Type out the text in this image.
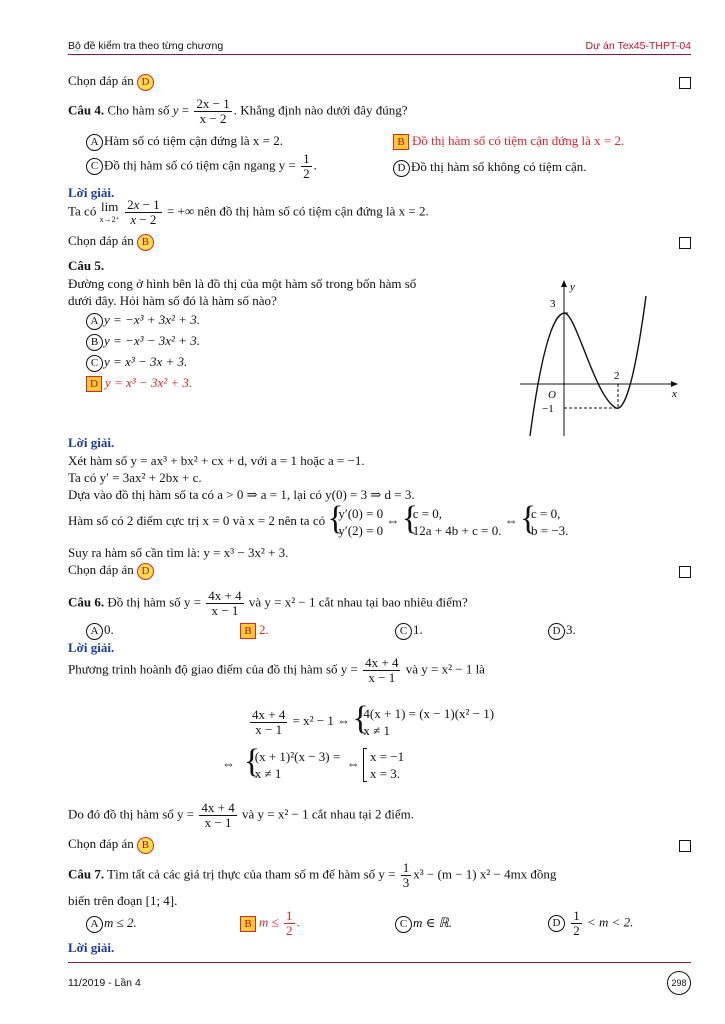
Bộ đề kiểm tra theo từng chương	Dự án Tex45-THPT-04
Chọn đáp án D
Câu 4. Cho hàm số $y = \frac{2x - 1}{x - 2}$ . Khẳng định nào dưới đây đúng?
A Hàm số có tiệm cận đứng là x = 2.	B Đồ thị hàm số có tiệm cận đứng là x = 2.
C Đồ thị hàm số có tiệm cận ngang $y = \frac{1}{2}$ .	D Đồ thị hàm số không có tiệm cận.
Lời giải.
Ta có lim
x→2⁺
$\frac{2x - 1}{x - 2}$ = +∞ nên đồ thị hàm số có tiệm cận đứng là x = 2.
Chọn đáp án B
Câu 5.
Đường cong ở hình bên là đồ thị của một hàm số trong bốn hàm số
dưới đây. Hỏi hàm số đó là hàm số nào?
A y = −x³ + 3x² + 3.
B y = −x³ − 3x² + 3.
C y = x³ − 3x + 3.
D y = x³ − 3x² + 3.
y
x
O
3
2
−1
Lời giải.
Xét hàm số y = ax³ + bx² + cx + d, với a = 1 hoặc a = −1.
Ta có y′ = 3ax² + 2bx + c.
Dựa vào đồ thị hàm số ta có a > 0 ⇒ a = 1, lại có y(0) = 3 ⇒ d = 3.
Hàm số có 2 điểm cực trị x = 0 và x = 2 nên ta có { y′(0) = 0
y′(2) = 0
⇔ { c = 0,
12a + 4b + c = 0.
⇔ { c = 0,
b = −3.
Suy ra hàm số cần tìm là: y = x³ − 3x² + 3.
Chọn đáp án D
Câu 6. Đồ thị hàm số $y = \frac{4x + 4}{x - 1}$ và y = x² − 1 cắt nhau tại bao nhiêu điểm?
A 0.	B 2.	C 1.	D 3.
Lời giải.
Phương trình hoành độ giao điểm của đồ thị hàm số $y = \frac{4x + 4}{x - 1}$ và y = x² − 1 là
$\frac{4x + 4}{x - 1} = x^2 - 1$ ⇔ { 4(x + 1) = (x − 1)(x² − 1)
x ≠ 1
⇔ { (x + 1)²(x − 3) =
x ≠ 1
⇔ x = −1
x = 3.
Do đó đồ thị hàm số $y = \frac{4x + 4}{x - 1}$ và y = x² − 1 cắt nhau tại 2 điểm.
Chọn đáp án B
Câu 7. Tìm tất cả các giá trị thực của tham số m để hàm số $y = \frac{1}{3} x^3 - (m - 1) x^2 - 4mx$ đồng
biến trên đoạn [1; 4].
A m ≤ 2.	B $m \le \frac{1}{2}$ .	C m ∈ ℝ.	D $\frac{1}{2} < m < 2$.
Lời giải.
11/2019 - Lần 4	298
